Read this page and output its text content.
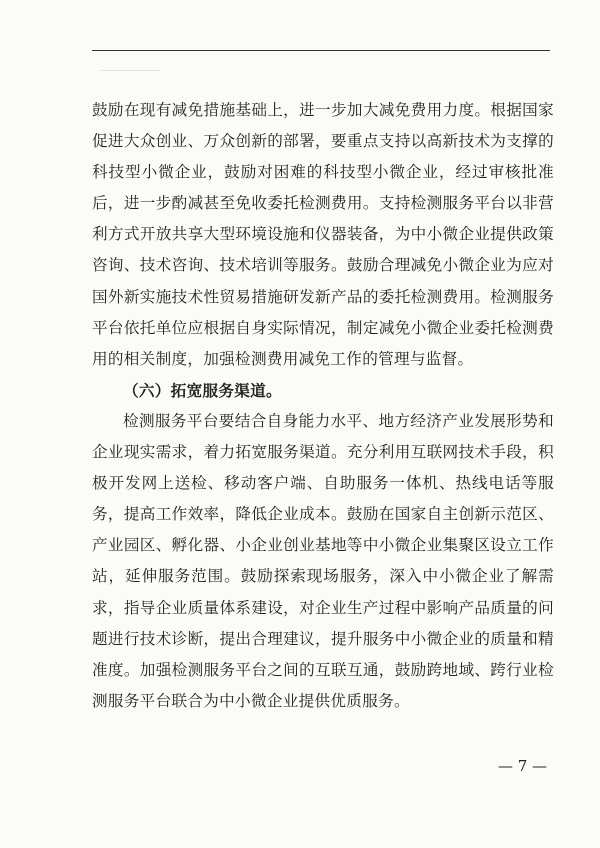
鼓励在现有减免措施基础上，进一步加大减免费用力度。根据国家促进大众创业、万众创新的部署，要重点支持以高新技术为支撑的科技型小微企业，鼓励对困难的科技型小微企业，经过审核批准后，进一步酌减甚至免收委托检测费用。支持检测服务平台以非营利方式开放共享大型环境设施和仪器装备，为中小微企业提供政策咨询、技术咨询、技术培训等服务。鼓励合理减免小微企业为应对国外新实施技术性贸易措施研发新产品的委托检测费用。检测服务平台依托单位应根据自身实际情况，制定减免小微企业委托检测费用的相关制度，加强检测费用减免工作的管理与监督。

（六）拓宽服务渠道。

检测服务平台要结合自身能力水平、地方经济产业发展形势和企业现实需求，着力拓宽服务渠道。充分利用互联网技术手段，积极开发网上送检、移动客户端、自助服务一体机、热线电话等服务，提高工作效率，降低企业成本。鼓励在国家自主创新示范区、产业园区、孵化器、小企业创业基地等中小微企业集聚区设立工作站，延伸服务范围。鼓励探索现场服务，深入中小微企业了解需求，指导企业质量体系建设，对企业生产过程中影响产品质量的问题进行技术诊断，提出合理建议，提升服务中小微企业的质量和精准度。加强检测服务平台之间的互联互通，鼓励跨地域、跨行业检测服务平台联合为中小微企业提供优质服务。

— 7 —
